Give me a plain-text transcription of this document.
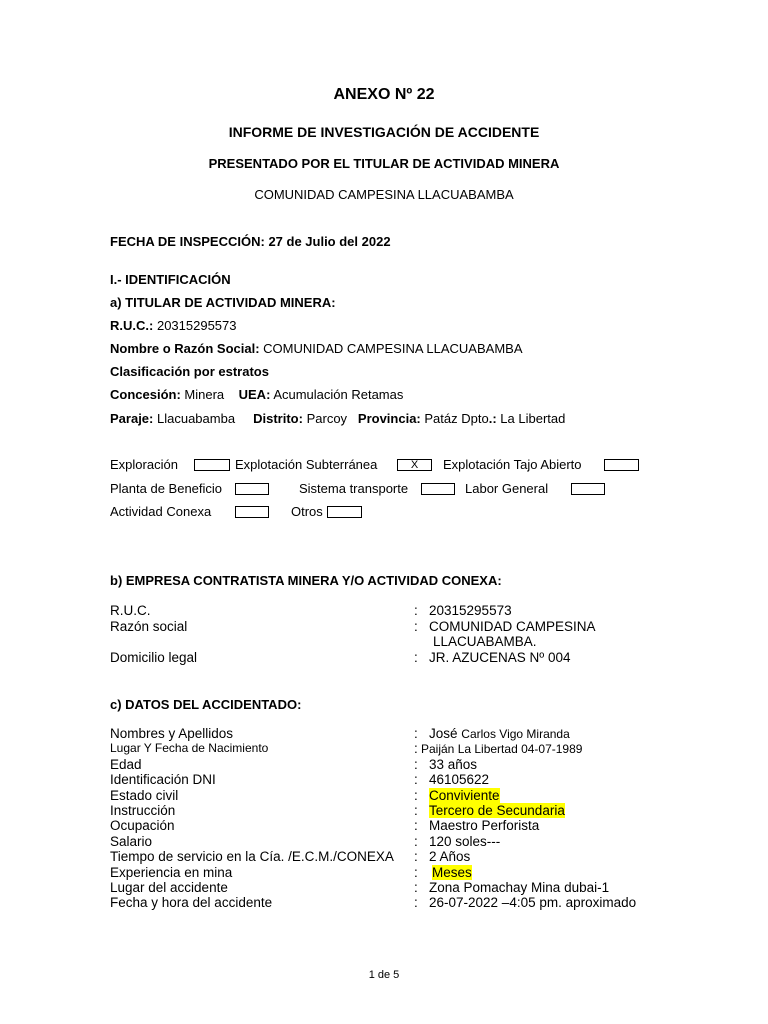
ANEXO Nº 22
INFORME DE INVESTIGACIÓN DE ACCIDENTE
PRESENTADO POR EL TITULAR DE ACTIVIDAD MINERA
COMUNIDAD CAMPESINA LLACUABAMBA
FECHA DE INSPECCIÓN: 27 de Julio del 2022
I.- IDENTIFICACIÓN
a) TITULAR DE ACTIVIDAD MINERA:
R.U.C.: 20315295573
Nombre o Razón Social: COMUNIDAD CAMPESINA LLACUABAMBA
Clasificación por estratos
Concesión: Minera UEA: Acumulación Retamas
Paraje: Llacuabamba Distrito: Parcoy Provincia: Patáz Dpto.: La Libertad
Exploración	Explotación Subterránea	X	Explotación Tajo Abierto
Planta de Beneficio	Sistema transporte	Labor General
Actividad Conexa	Otros
b) EMPRESA CONTRATISTA MINERA Y/O ACTIVIDAD CONEXA:
R.U.C.	: 20315295573
Razón social	: COMUNIDAD CAMPESINA
LLACUABAMBA.
Domicilio legal	: JR. AZUCENAS Nº 004
c) DATOS DEL ACCIDENTADO:
Nombres y Apellidos	: José Carlos Vigo Miranda
Lugar Y Fecha de Nacimiento	: Paiján La Libertad 04-07-1989
Edad	: 33 años
Identificación DNI	: 46105622
Estado civil	: Conviviente
Instrucción	: Tercero de Secundaria
Ocupación	: Maestro Perforista
Salario	: 120 soles---
Tiempo de servicio en la Cía. /E.C.M./CONEXA : 2 Años
Experiencia en mina	: Meses
Lugar del accidente	: Zona Pomachay Mina dubai-1
Fecha y hora del accidente	: 26-07-2022 –4:05 pm. aproximado
1 de 5
